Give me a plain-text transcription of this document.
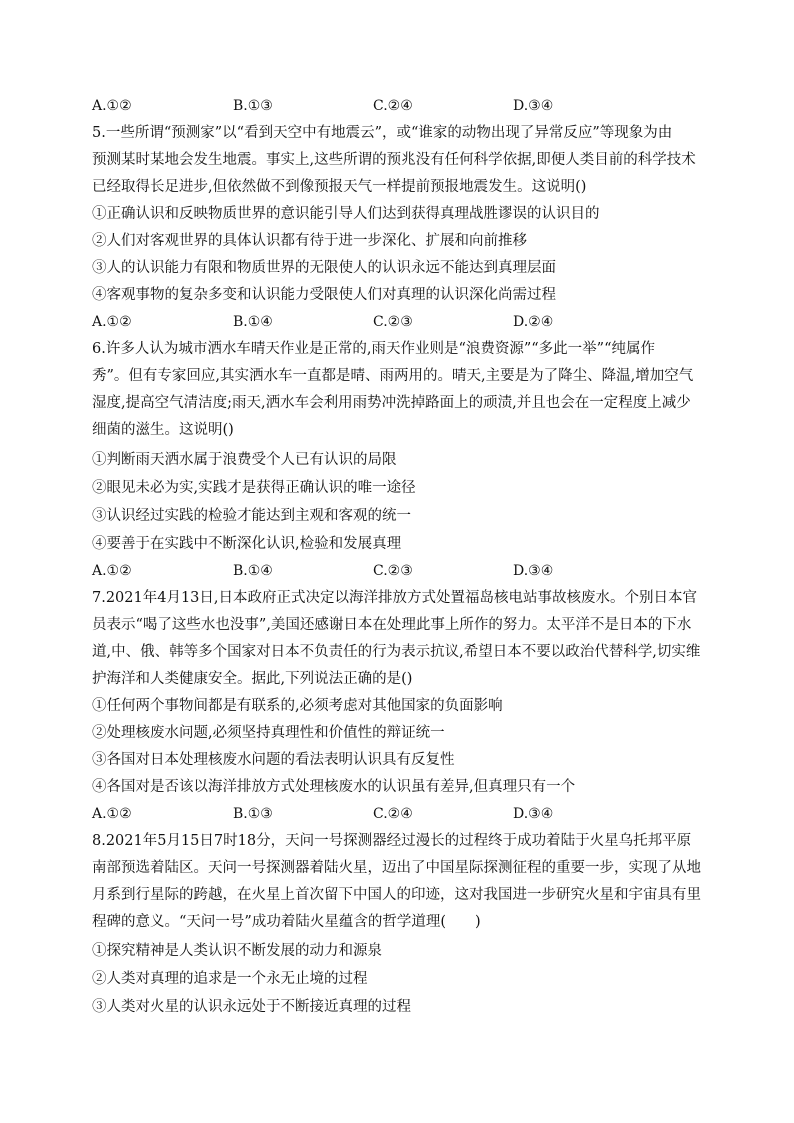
A.①②	B.①③	C.②④	D.③④
5.一些所谓“预测家”以“看到天空中有地震云”，或“谁家的动物出现了异常反应”等现象为由
预测某时某地会发生地震。事实上,这些所谓的预兆没有任何科学依据,即便人类目前的科学技术
已经取得长足进步,但依然做不到像预报天气一样提前预报地震发生。这说明()
①正确认识和反映物质世界的意识能引导人们达到获得真理战胜谬误的认识目的
②人们对客观世界的具体认识都有待于进一步深化、扩展和向前推移
③人的认识能力有限和物质世界的无限使人的认识永远不能达到真理层面
④客观事物的复杂多变和认识能力受限使人们对真理的认识深化尚需过程
A.①②	B.①④	C.②③	D.②④
6.许多人认为城市洒水车晴天作业是正常的,雨天作业则是“浪费资源”“多此一举”“纯属作
秀”。但有专家回应,其实洒水车一直都是晴、雨两用的。晴天,主要是为了降尘、降温,增加空气
湿度,提高空气清洁度;雨天,洒水车会利用雨势冲洗掉路面上的顽渍,并且也会在一定程度上减少
细菌的滋生。这说明()
①判断雨天洒水属于浪费受个人已有认识的局限
②眼见未必为实,实践才是获得正确认识的唯一途径
③认识经过实践的检验才能达到主观和客观的统一
④要善于在实践中不断深化认识,检验和发展真理
A.①②	B.①④	C.②③	D.③④
7.2021年4月13日,日本政府正式决定以海洋排放方式处置福岛核电站事故核废水。个别日本官
员表示“喝了这些水也没事”,美国还感谢日本在处理此事上所作的努力。太平洋不是日本的下水
道,中、俄、韩等多个国家对日本不负责任的行为表示抗议,希望日本不要以政治代替科学,切实维
护海洋和人类健康安全。据此,下列说法正确的是()
①任何两个事物间都是有联系的,必须考虑对其他国家的负面影响
②处理核废水问题,必须坚持真理性和价值性的辩证统一
③各国对日本处理核废水问题的看法表明认识具有反复性
④各国对是否该以海洋排放方式处理核废水的认识虽有差异,但真理只有一个
A.①②	B.①③	C.②④	D.③④
8.2021年5月15日7时18分，天问一号探测器经过漫长的过程终于成功着陆于火星乌托邦平原
南部预选着陆区。天问一号探测器着陆火星，迈出了中国星际探测征程的重要一步，实现了从地
月系到行星际的跨越，在火星上首次留下中国人的印迹，这对我国进一步研究火星和宇宙具有里
程碑的意义。“天问一号”成功着陆火星蕴含的哲学道理(　　)
①探究精神是人类认识不断发展的动力和源泉
②人类对真理的追求是一个永无止境的过程
③人类对火星的认识永远处于不断接近真理的过程
